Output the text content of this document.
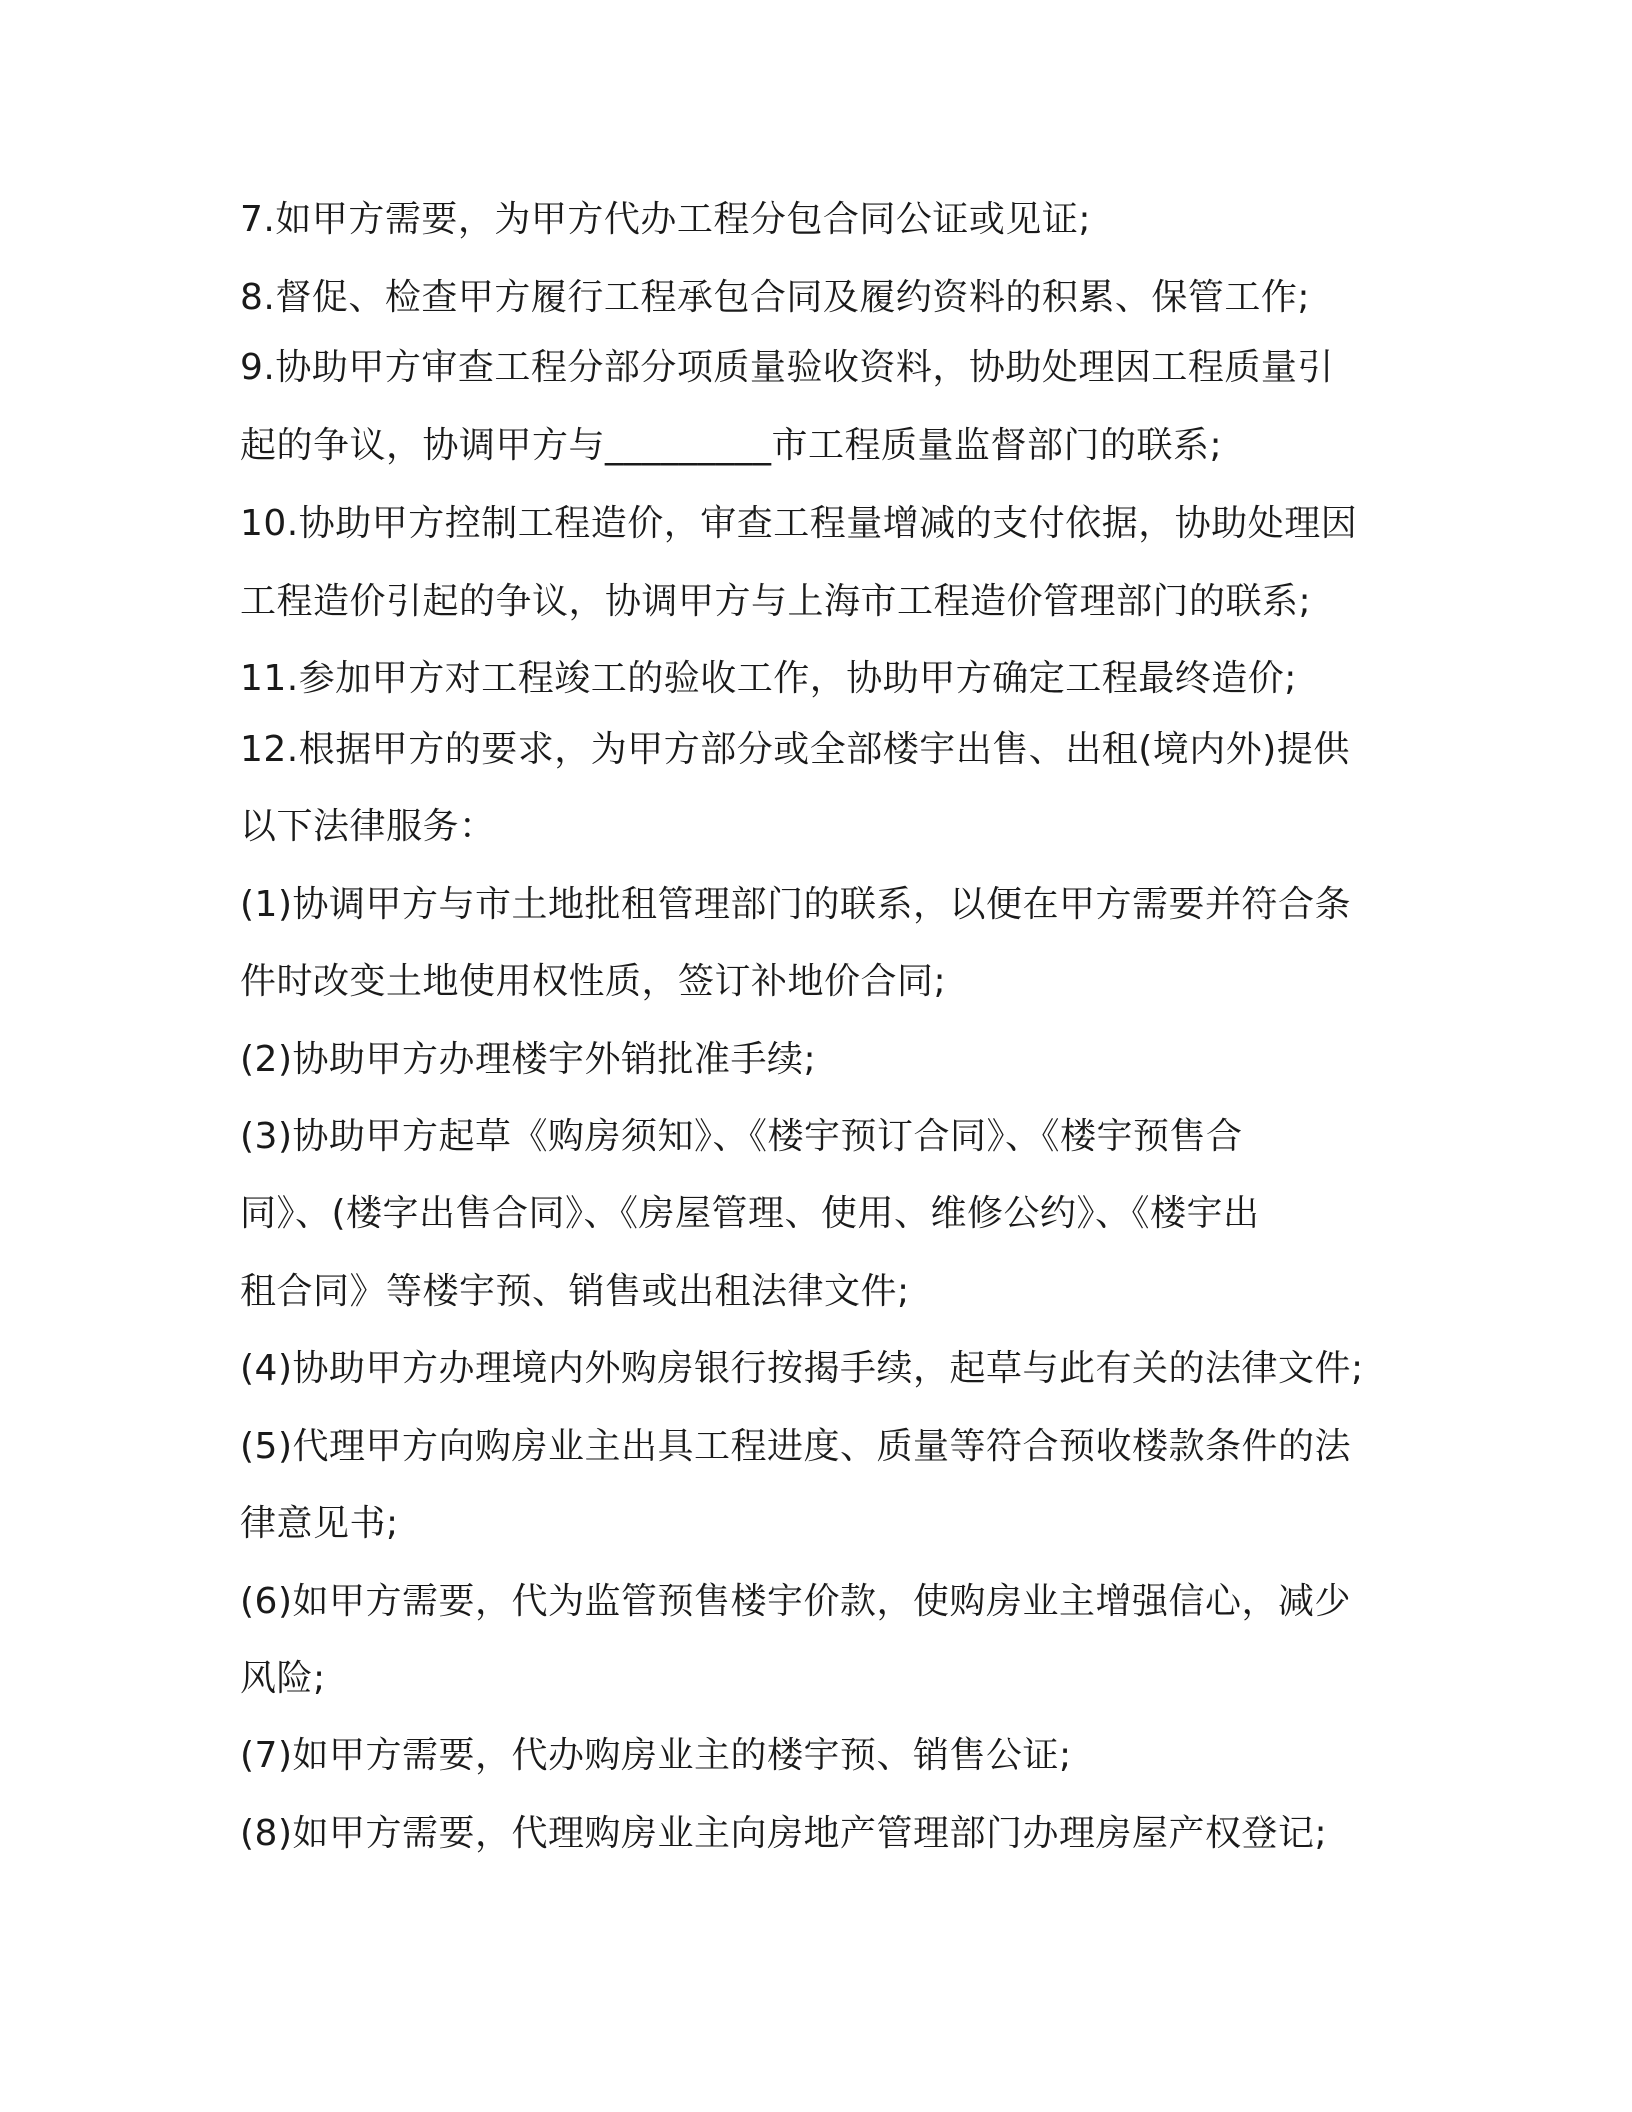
7.如甲方需要，为甲方代办工程分包合同公证或见证;

8.督促、检查甲方履行工程承包合同及履约资料的积累、保管工作;

9.协助甲方审查工程分部分项质量验收资料，协助处理因工程质量引

起的争议，协调甲方与_________市工程质量监督部门的联系;

10.协助甲方控制工程造价，审查工程量增减的支付依据，协助处理因

工程造价引起的争议，协调甲方与上海市工程造价管理部门的联系;

11.参加甲方对工程竣工的验收工作，协助甲方确定工程最终造价;

12.根据甲方的要求，为甲方部分或全部楼宇出售、出租(境内外)提供

以下法律服务：

(1)协调甲方与市土地批租管理部门的联系，以便在甲方需要并符合条

件时改变土地使用权性质，签订补地价合同;

(2)协助甲方办理楼宇外销批准手续;

(3)协助甲方起草《购房须知》、《楼宇预订合同》、《楼宇预售合

同》、(楼字出售合同》、《房屋管理、使用、维修公约》、《楼宇出

租合同》等楼宇预、销售或出租法律文件;

(4)协助甲方办理境内外购房银行按揭手续，起草与此有关的法律文件;

(5)代理甲方向购房业主出具工程进度、质量等符合预收楼款条件的法

律意见书;

(6)如甲方需要，代为监管预售楼宇价款，使购房业主增强信心，减少

风险;

(7)如甲方需要，代办购房业主的楼宇预、销售公证;

(8)如甲方需要，代理购房业主向房地产管理部门办理房屋产权登记;
